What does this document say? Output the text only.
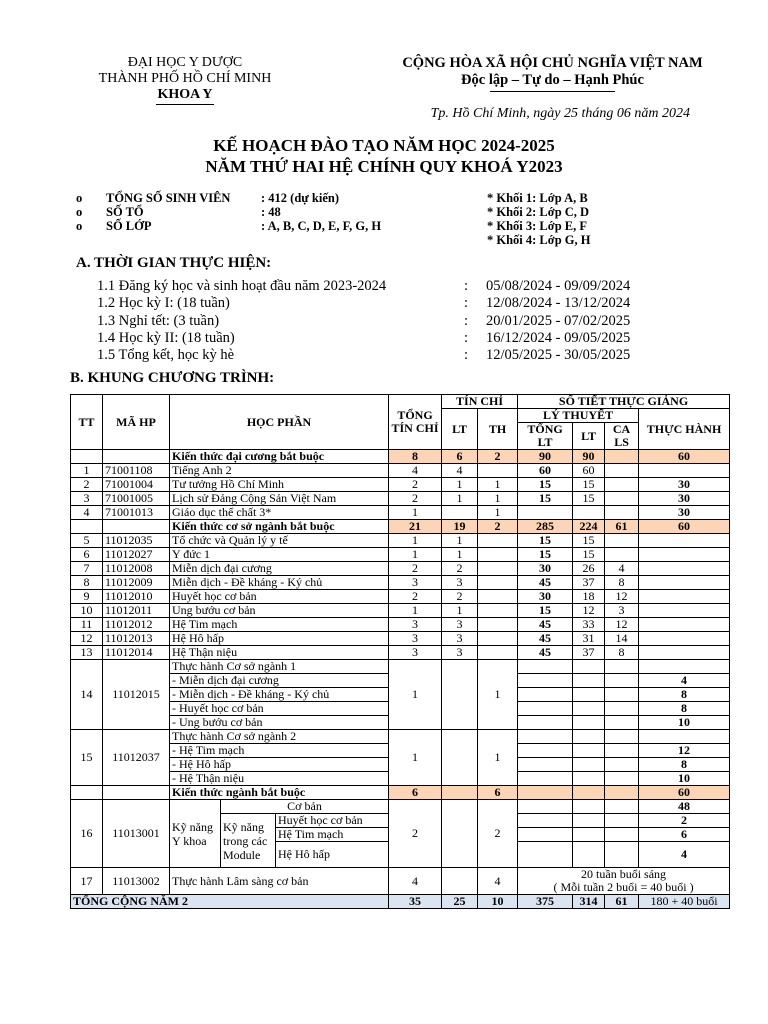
ĐẠI HỌC Y DƯỢC
THÀNH PHỐ HỒ CHÍ MINH
KHOA Y
CỘNG HÒA XÃ HỘI CHỦ NGHĨA VIỆT NAM
Độc lập – Tự do – Hạnh Phúc
Tp. Hồ Chí Minh, ngày 25 tháng 06 năm 2024
KẾ HOẠCH ĐÀO TẠO NĂM HỌC 2024-2025
NĂM THỨ HAI HỆ CHÍNH QUY KHOÁ Y2023
o	TỔNG SỐ SINH VIÊN	: 412 (dự kiến)
o	SỐ TỔ	: 48
o	SỐ LỚP	: A, B, C, D, E, F, G, H
* Khối 1: Lớp A, B
* Khối 2: Lớp C, D
* Khối 3: Lớp E, F
* Khối 4: Lớp G, H
A. THỜI GIAN THỰC HIỆN:
1.1 Đăng ký học và sinh hoạt đầu năm 2023-2024	:	05/08/2024 - 09/09/2024
1.2 Học kỳ I: (18 tuần)	:	12/08/2024 - 13/12/2024
1.3 Nghỉ tết: (3 tuần)	:	20/01/2025 - 07/02/2025
1.4 Học kỳ II: (18 tuần)	:	16/12/2024 - 09/05/2025
1.5 Tổng kết, học kỳ hè	:	12/05/2025 - 30/05/2025
B. KHUNG CHƯƠNG TRÌNH:
TT	MÃ HP	HỌC PHẦN			TỔNG TÍN CHỈ	TÍN CHỈ		SỐ TIẾT THỰC GIẢNG			
						LT	TH	LÝ THUYẾT			THỰC HÀNH
								TỔNG LT	LT	CA LS	

		Kiến thức đại cương bắt buộc			8	6	2	90	90		60
1	71001108	Tiếng Anh 2			4	4		60	60		
2	71001004	Tư tưởng Hồ Chí Minh			2	1	1	15	15		30
3	71001005	Lịch sử Đảng Cộng Sản Việt Nam			2	1	1	15	15		30
4	71001013	Giáo dục thể chất 3*			1		1				30
		Kiến thức cơ sở ngành bắt buộc			21	19	2	285	224	61	60
5	11012035	Tổ chức và Quản lý y tế			1	1		15	15		
6	11012027	Y đức 1			1	1		15	15		
7	11012008	Miễn dịch đại cương			2	2		30	26	4	
8	11012009	Miễn dịch - Đề kháng - Ký chủ			3	3		45	37	8	
9	11012010	Huyết học cơ bản			2	2		30	18	12	
10	11012011	Ung bướu cơ bản			1	1		15	12	3	
11	11012012	Hệ Tim mạch			3	3		45	33	12	
12	11012013	Hệ Hô hấp			3	3		45	31	14	
13	11012014	Hệ Thận niệu			3	3		45	37	8	
14	11012015	Thực hành Cơ sở ngành 1			1		1				
		- Miễn dịch đại cương									4
		- Miễn dịch - Đề kháng - Ký chủ									8
		- Huyết học cơ bản									8
		- Ung bướu cơ bản									10
15	11012037	Thực hành Cơ sở ngành 2			1		1				
		- Hệ Tim mạch									12
		- Hệ Hô hấp									8
		- Hệ Thận niệu									10
		Kiến thức ngành bắt buộc			6		6				60
16	11013001	Kỹ năng Y khoa	Cơ bản		2		2				48
			Kỹ năng trong các Module	Huyết học cơ bản							2
				Hệ Tim mạch							6
				Hệ Hô hấp							4
17	11013002	Thực hành Lâm sàng cơ bản			4		4	20 tuần buổi sáng
( Mỗi tuần 2 buổi = 40 buổi )			

TỔNG CỘNG NĂM 2					35	25	10	375	314	61	180 + 40 buổi
